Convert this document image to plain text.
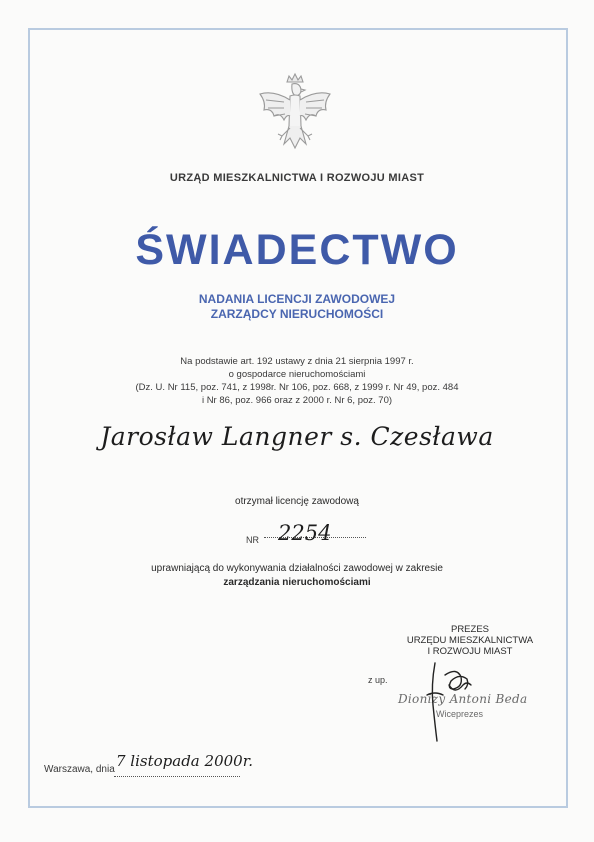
URZĄD MIESZKALNICTWA I ROZWOJU MIAST
ŚWIADECTWO
NADANIA LICENCJI ZAWODOWEJ
ZARZĄDCY NIERUCHOMOŚCI
Na podstawie art. 192 ustawy z dnia 21 sierpnia 1997 r.
o gospodarce nieruchomościami
(Dz. U. Nr 115, poz. 741, z 1998r. Nr 106, poz. 668, z 1999 r. Nr 49, poz. 484
i Nr 86, poz. 966 oraz z 2000 r. Nr 6, poz. 70)
Jarosław Langner s. Czesława
otrzymał licencję zawodową
NR 2254
uprawniającą do wykonywania działalności zawodowej w zakresie
zarządzania nieruchomościami
PREZES
URZĘDU MIESZKALNICTWA
I ROZWOJU MIAST
z up.
Dionizy Antoni Beda
Wiceprezes
Warszawa, dnia 7 listopada 2000r.
